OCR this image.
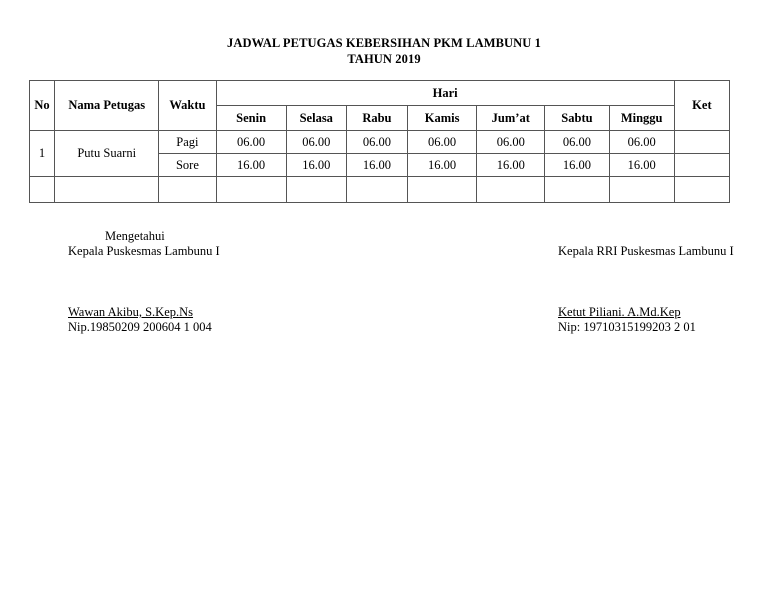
JADWAL PETUGAS KEBERSIHAN PKM LAMBUNU 1
TAHUN 2019
No	Nama Petugas	Waktu	Hari							Ket
			Senin	Selasa	Rabu	Kamis	Jum’at	Sabtu	Minggu	
1	Putu Suarni	Pagi	06.00	06.00	06.00	06.00	06.00	06.00	06.00	
		Sore	16.00	16.00	16.00	16.00	16.00	16.00	16.00	

Mengetahui
Kepala Puskesmas Lambunu I
Wawan Akibu, S.Kep.Ns
Nip.19850209 200604 1 004
Kepala RRI Puskesmas Lambunu I
Ketut Piliani. A.Md.Kep
Nip: 19710315199203 2 01
